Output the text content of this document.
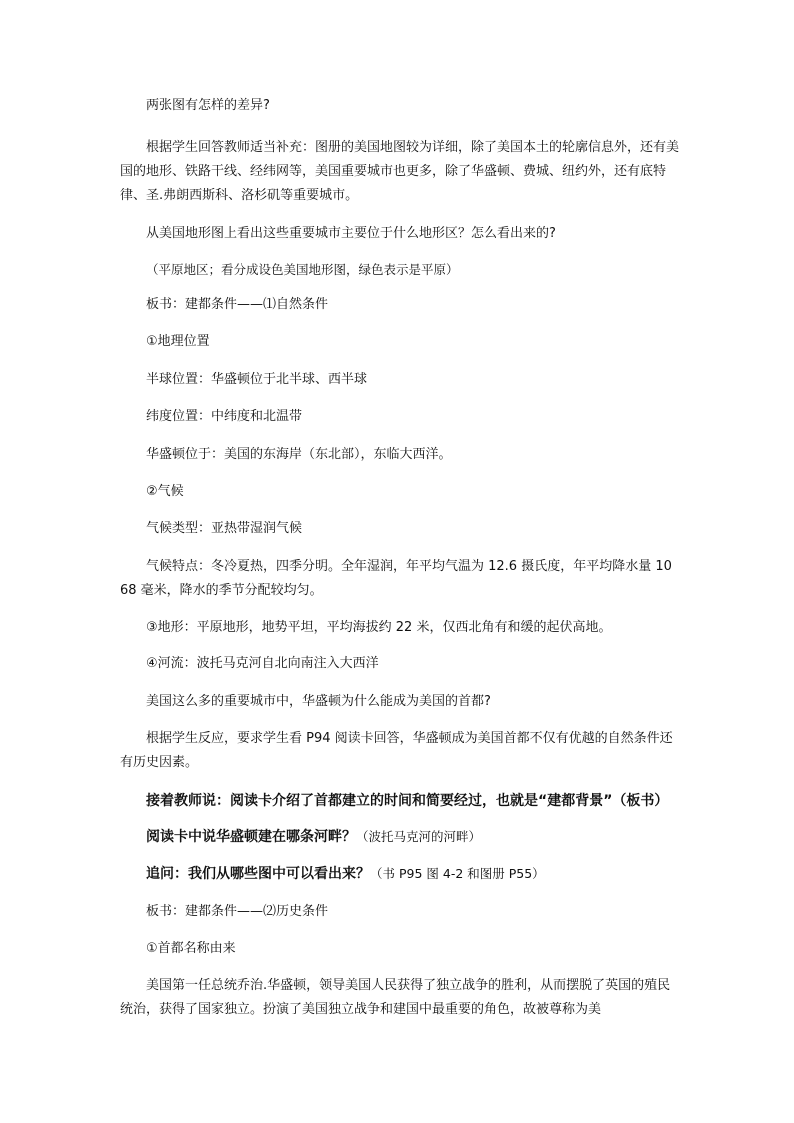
两张图有怎样的差异?

根据学生回答教师适当补充：图册的美国地图较为详细，除了美国本土的轮廓信息外，还有美国的地形、铁路干线、经纬网等，美国重要城市也更多，除了华盛顿、费城、纽约外，还有底特律、圣.弗朗西斯科、洛杉矶等重要城市。

从美国地形图上看出这些重要城市主要位于什么地形区？怎么看出来的?

（平原地区；看分成设色美国地形图，绿色表示是平原）

板书：建都条件——⑴自然条件

①地理位置

半球位置：华盛顿位于北半球、西半球

纬度位置：中纬度和北温带

华盛顿位于：美国的东海岸（东北部），东临大西洋。

②气候

气候类型：亚热带湿润气候

气候特点：冬冷夏热，四季分明。全年湿润，年平均气温为 12.6 摄氏度，年平均降水量 1068 毫米，降水的季节分配较均匀。

③地形：平原地形，地势平坦，平均海拔约 22 米，仅西北角有和缓的起伏高地。

④河流：波托马克河自北向南注入大西洋

美国这么多的重要城市中，华盛顿为什么能成为美国的首都?

根据学生反应，要求学生看 P94 阅读卡回答，华盛顿成为美国首都不仅有优越的自然条件还有历史因素。

接着教师说：阅读卡介绍了首都建立的时间和简要经过，也就是“建都背景”（板书）

阅读卡中说华盛顿建在哪条河畔？（波托马克河的河畔）

追问：我们从哪些图中可以看出来？（书 P95 图 4-2 和图册 P55）

板书：建都条件——⑵历史条件

①首都名称由来

美国第一任总统乔治.华盛顿，领导美国人民获得了独立战争的胜利，从而摆脱了英国的殖民统治，获得了国家独立。扮演了美国独立战争和建国中最重要的角色，故被尊称为美
